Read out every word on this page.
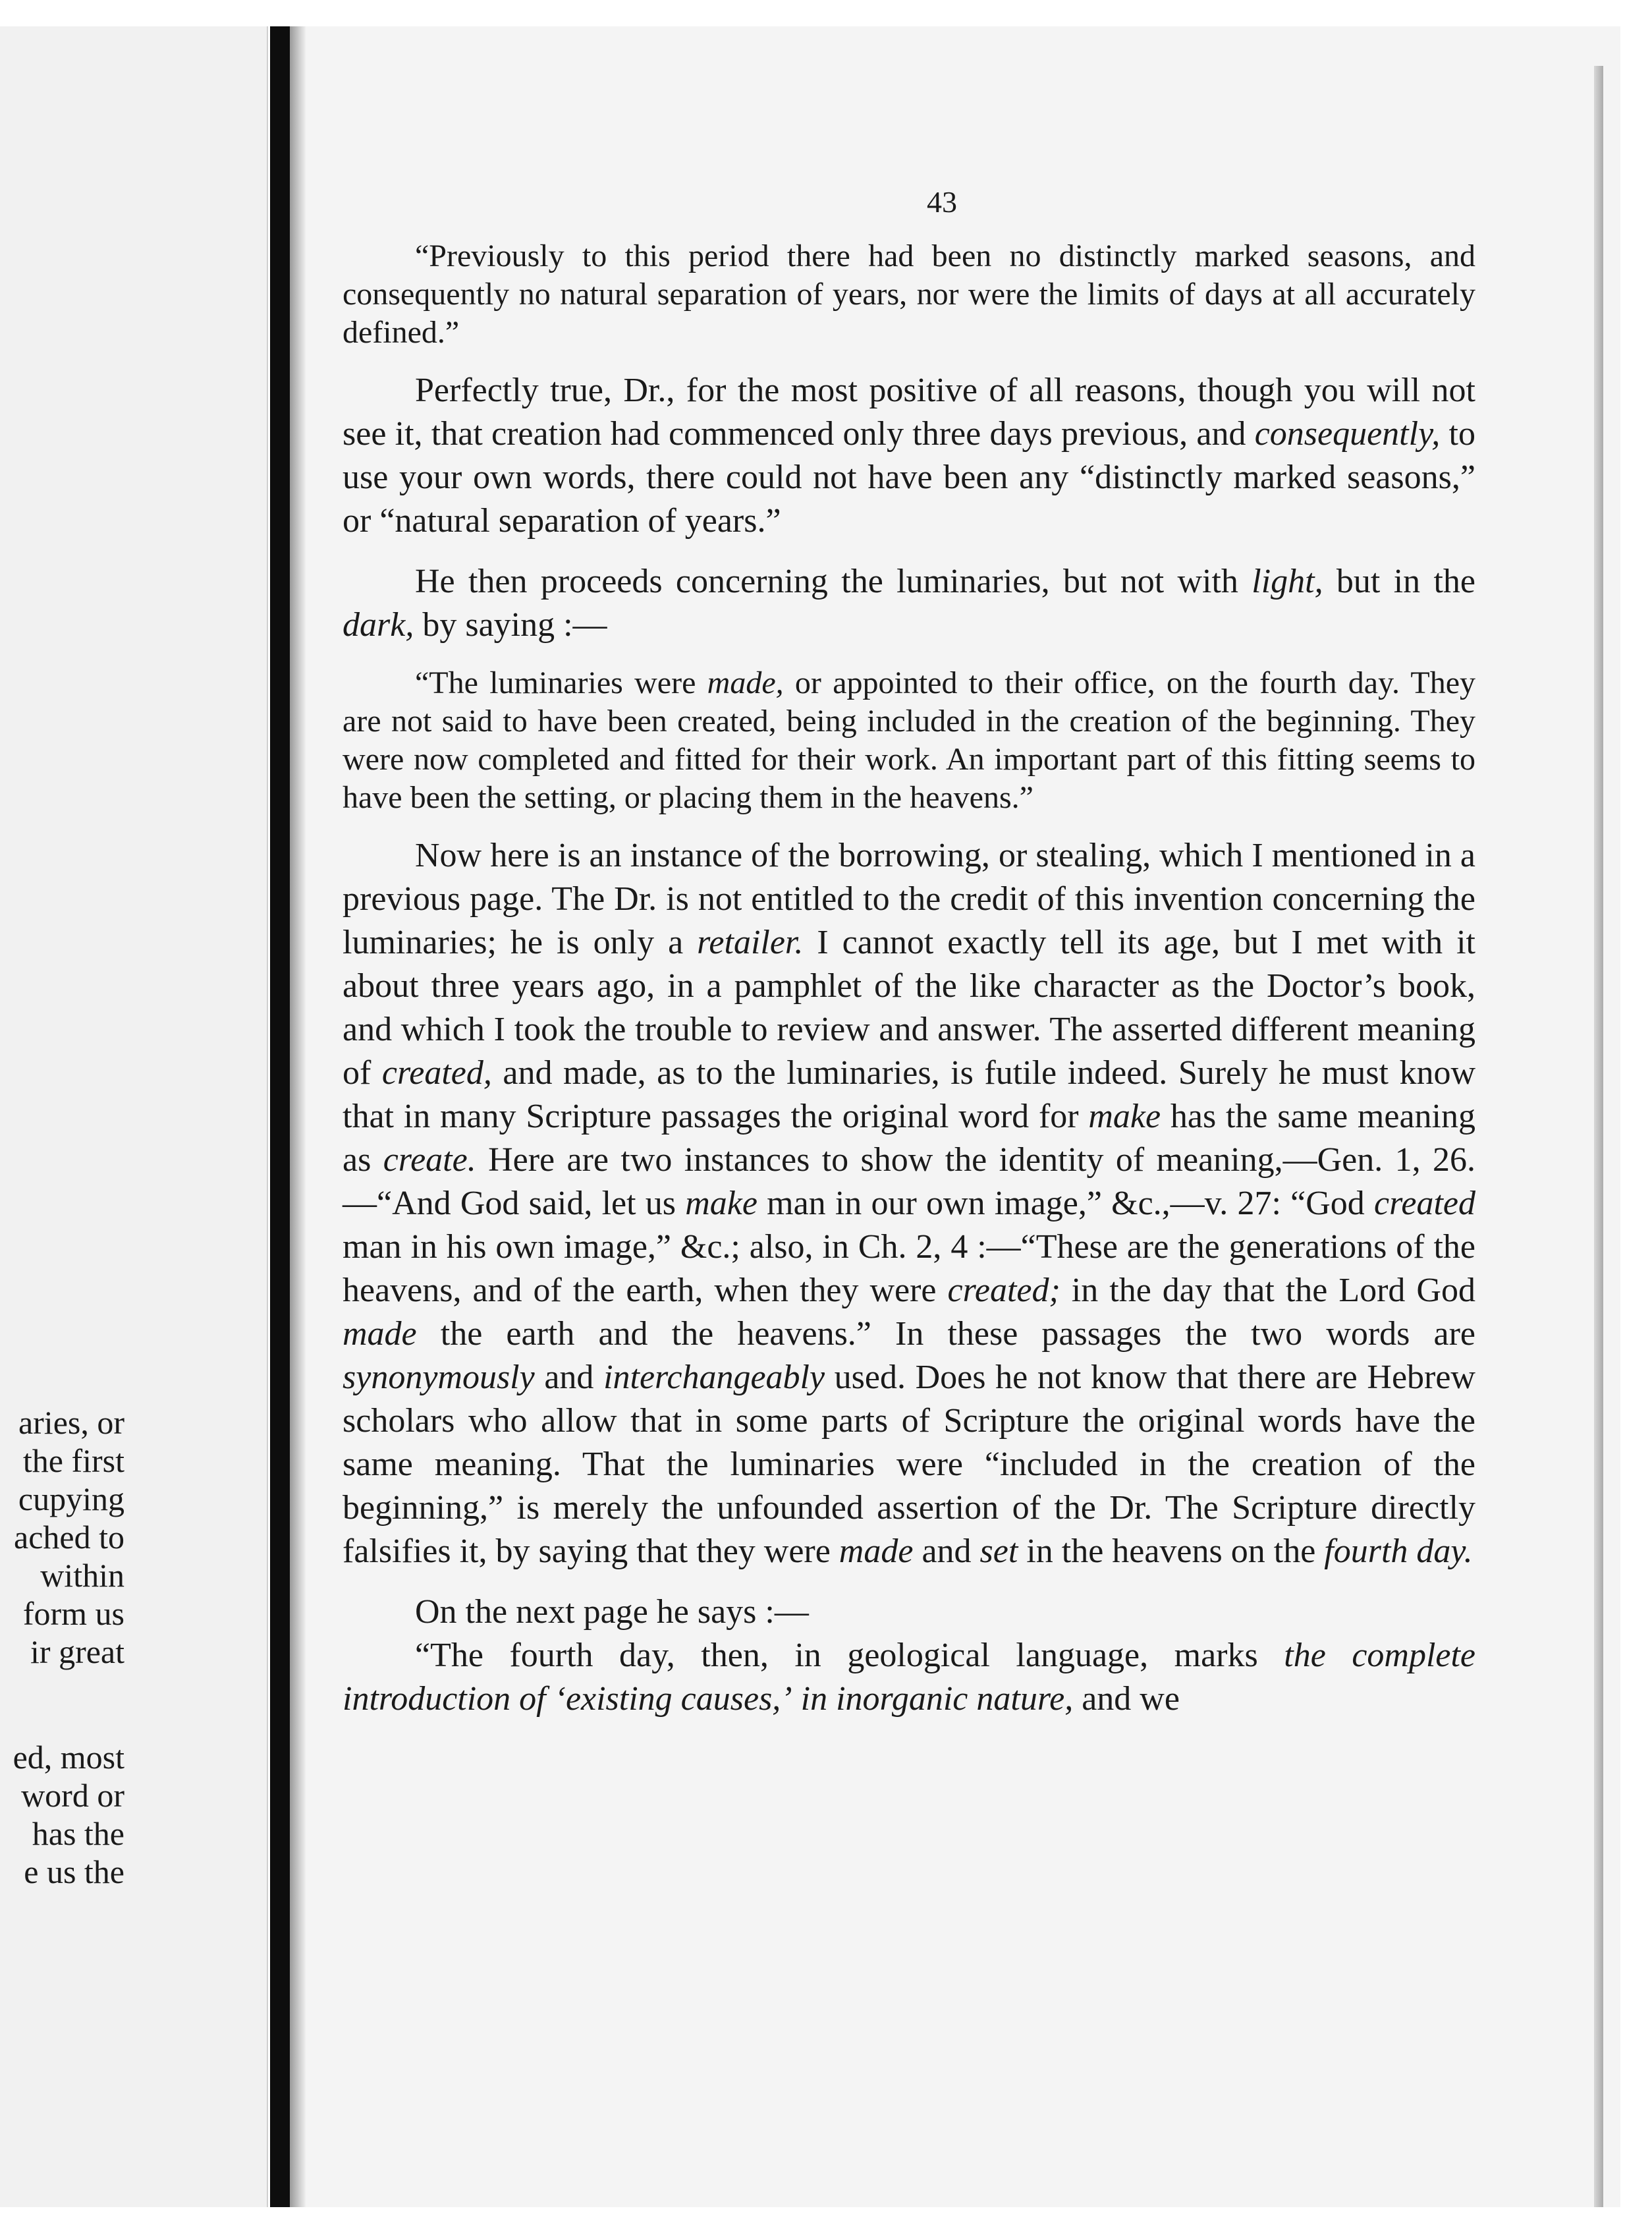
aries, or
the first
cupying
ached to
within
form us
ir great
ed, most
word or
has the
e us the
43

“Previously to this period there had been no distinctly marked seasons, and consequently no natural separation of years, nor were the limits of days at all accurately defined.”

Perfectly true, Dr., for the most positive of all reasons, though you will not see it, that creation had commenced only three days previous, and consequently, to use your own words, there could not have been any “distinctly marked seasons,” or “natural separation of years.”

He then proceeds concerning the luminaries, but not with light, but in the dark, by saying :—

“The luminaries were made, or appointed to their office, on the fourth day. They are not said to have been created, being included in the creation of the beginning. They were now completed and fitted for their work. An important part of this fitting seems to have been the setting, or placing them in the heavens.”

Now here is an instance of the borrowing, or stealing, which I mentioned in a previous page. The Dr. is not entitled to the credit of this invention concerning the luminaries; he is only a retailer. I cannot exactly tell its age, but I met with it about three years ago, in a pamphlet of the like character as the Doctor’s book, and which I took the trouble to review and answer. The asserted different meaning of created, and made, as to the luminaries, is futile indeed. Surely he must know that in many Scripture passages the original word for make has the same meaning as create. Here are two instances to show the identity of meaning,—Gen. 1, 26.—“And God said, let us make man in our own image,” &c.,—v. 27: “God created man in his own image,” &c.; also, in Ch. 2, 4 :—“These are the generations of the heavens, and of the earth, when they were created; in the day that the Lord God made the earth and the heavens.” In these passages the two words are synonymously and interchangeably used. Does he not know that there are Hebrew scholars who allow that in some parts of Scripture the original words have the same meaning. That the luminaries were “included in the creation of the beginning,” is merely the unfounded assertion of the Dr. The Scripture directly falsifies it, by saying that they were made and set in the heavens on the fourth day.

On the next page he says :—

“The fourth day, then, in geological language, marks the complete introduction of ‘existing causes,’ in inorganic nature, and we
